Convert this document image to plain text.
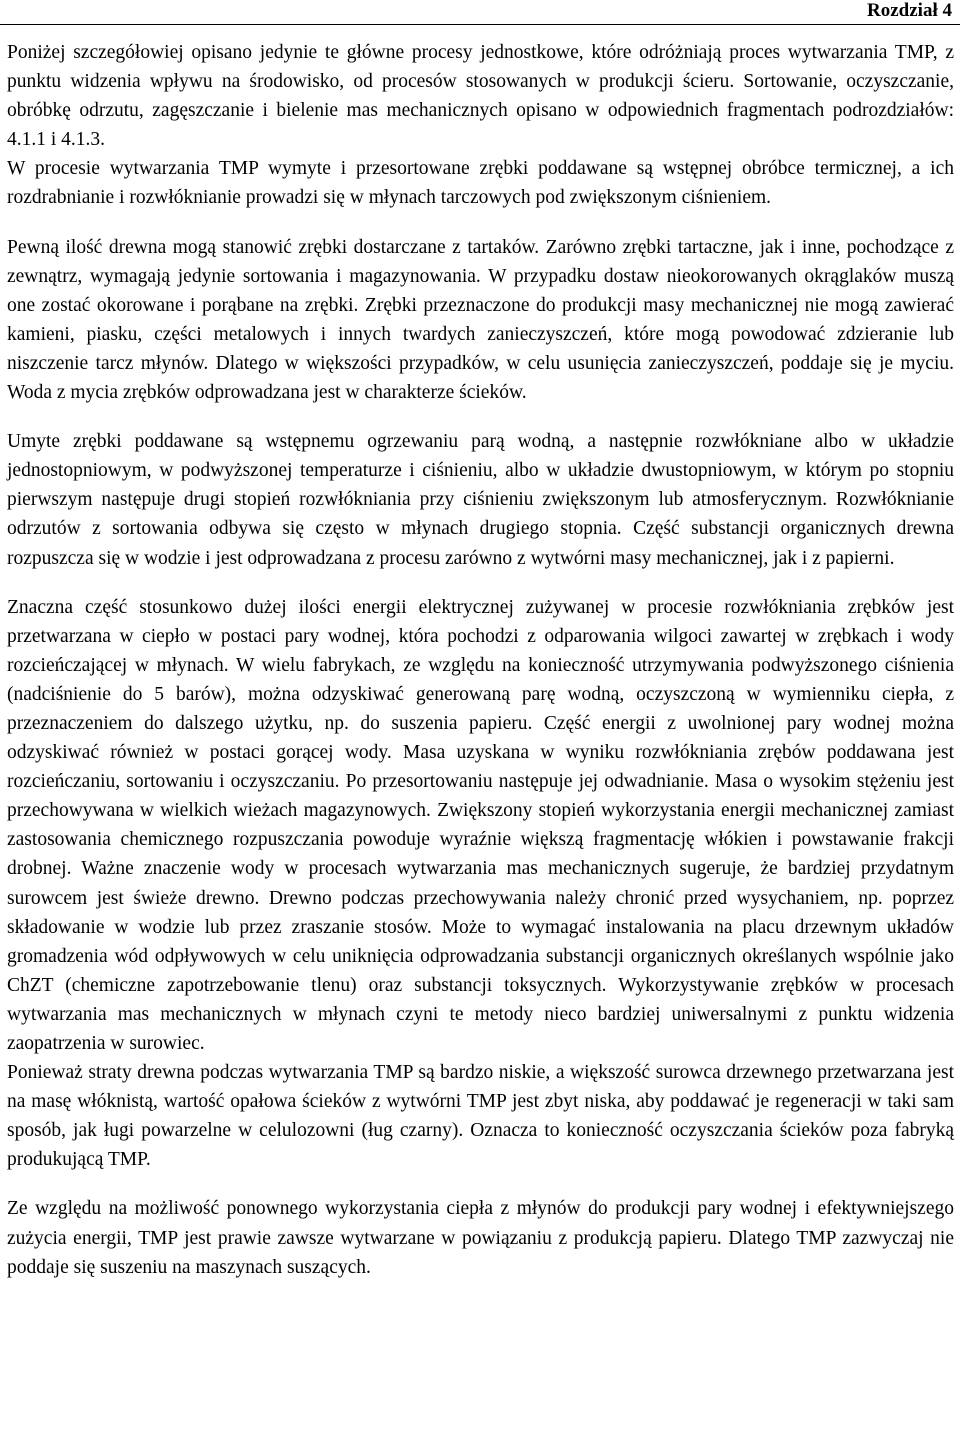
Rozdział 4

Poniżej szczegółowiej opisano jedynie te główne procesy jednostkowe, które odróżniają proces wytwarzania TMP, z punktu widzenia wpływu na środowisko, od procesów stosowanych w produkcji ścieru. Sortowanie, oczyszczanie, obróbkę odrzutu, zagęszczanie i bielenie mas mechanicznych opisano w odpowiednich fragmentach podrozdziałów: 4.1.1 i 4.1.3.

W procesie wytwarzania TMP wymyte i przesortowane zrębki poddawane są wstępnej obróbce termicznej, a ich rozdrabnianie i rozwłóknianie prowadzi się w młynach tarczowych pod zwiększonym ciśnieniem.

Pewną ilość drewna mogą stanowić zrębki dostarczane z tartaków. Zarówno zrębki tartaczne, jak i inne, pochodzące z zewnątrz, wymagają jedynie sortowania i magazynowania. W przypadku dostaw nieokorowanych okrąglaków muszą one zostać okorowane i porąbane na zrębki. Zrębki przeznaczone do produkcji masy mechanicznej nie mogą zawierać kamieni, piasku, części metalowych i innych twardych zanieczyszczeń, które mogą powodować zdzieranie lub niszczenie tarcz młynów. Dlatego w większości przypadków, w celu usunięcia zanieczyszczeń, poddaje się je myciu. Woda z mycia zrębków odprowadzana jest w charakterze ścieków.

Umyte zrębki poddawane są wstępnemu ogrzewaniu parą wodną, a następnie rozwłókniane albo w układzie jednostopniowym, w podwyższonej temperaturze i ciśnieniu, albo w układzie dwustopniowym, w którym po stopniu pierwszym następuje drugi stopień rozwłókniania przy ciśnieniu zwiększonym lub atmosferycznym. Rozwłóknianie odrzutów z sortowania odbywa się często w młynach drugiego stopnia. Część substancji organicznych drewna rozpuszcza się w wodzie i jest odprowadzana z procesu zarówno z wytwórni masy mechanicznej, jak i z papierni.

Znaczna część stosunkowo dużej ilości energii elektrycznej zużywanej w procesie rozwłókniania zrębków jest przetwarzana w ciepło w postaci pary wodnej, która pochodzi z odparowania wilgoci zawartej w zrębkach i wody rozcieńczającej w młynach. W wielu fabrykach, ze względu na konieczność utrzymywania podwyższonego ciśnienia (nadciśnienie do 5 barów), można odzyskiwać generowaną parę wodną, oczyszczoną w wymienniku ciepła, z przeznaczeniem do dalszego użytku, np. do suszenia papieru. Część energii z uwolnionej pary wodnej można odzyskiwać również w postaci gorącej wody. Masa uzyskana w wyniku rozwłókniania zrębów poddawana jest rozcieńczaniu, sortowaniu i oczyszczaniu. Po przesortowaniu następuje jej odwadnianie. Masa o wysokim stężeniu jest przechowywana w wielkich wieżach magazynowych. Zwiększony stopień wykorzystania energii mechanicznej zamiast zastosowania chemicznego rozpuszczania powoduje wyraźnie większą fragmentację włókien i powstawanie frakcji drobnej. Ważne znaczenie wody w procesach wytwarzania mas mechanicznych sugeruje, że bardziej przydatnym surowcem jest świeże drewno. Drewno podczas przechowywania należy chronić przed wysychaniem, np. poprzez składowanie w wodzie lub przez zraszanie stosów. Może to wymagać instalowania na placu drzewnym układów gromadzenia wód odpływowych w celu uniknięcia odprowadzania substancji organicznych określanych wspólnie jako ChZT (chemiczne zapotrzebowanie tlenu) oraz substancji toksycznych. Wykorzystywanie zrębków w procesach wytwarzania mas mechanicznych w młynach czyni te metody nieco bardziej uniwersalnymi z punktu widzenia zaopatrzenia w surowiec.

Ponieważ straty drewna podczas wytwarzania TMP są bardzo niskie, a większość surowca drzewnego przetwarzana jest na masę włóknistą, wartość opałowa ścieków z wytwórni TMP jest zbyt niska, aby poddawać je regeneracji w taki sam sposób, jak ługi powarzelne w celulozowni (ług czarny). Oznacza to konieczność oczyszczania ścieków poza fabryką produkującą TMP.

Ze względu na możliwość ponownego wykorzystania ciepła z młynów do produkcji pary wodnej i efektywniejszego zużycia energii, TMP jest prawie zawsze wytwarzane w powiązaniu z produkcją papieru. Dlatego TMP zazwyczaj nie poddaje się suszeniu na maszynach suszących.
